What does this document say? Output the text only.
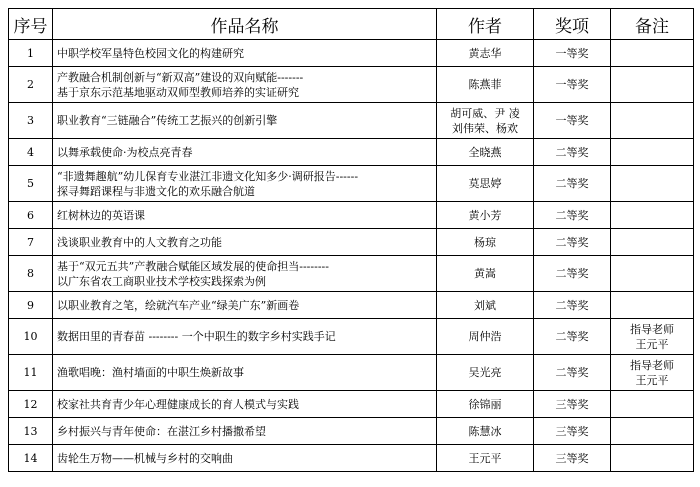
序号	作品名称	作者	奖项	备注
1	中职学校军垦特色校园文化的构建研究	黄志华	一等奖	
2	产教融合机制创新与“新双高”建设的双向赋能-------
基于京东示范基地驱动双师型教师培养的实证研究	陈燕菲	一等奖	
3	职业教育“三链融合”传统工艺振兴的创新引擎	胡可威、尹 凌
刘伟荣、杨欢	一等奖	
4	以舞承载使命·为校点亮青春	全晓燕	二等奖	
5	“非遗舞趣航”幼儿保育专业湛江非遗文化知多少·调研报告------
探寻舞蹈课程与非遗文化的欢乐融合航道	莫思婷	二等奖	
6	红树林边的英语课	黄小芳	二等奖	
7	浅谈职业教育中的人文教育之功能	杨琼	二等奖	
8	基于“双元五共”产教融合赋能区域发展的使命担当--------
以广东省农工商职业技术学校实践探索为例	黄嵩	二等奖	
9	以职业教育之笔，绘就汽车产业“绿美广东”新画卷	刘斌	二等奖	
10	数据田里的青春苗 -------- 一个中职生的数字乡村实践手记	周仲浩	二等奖	指导老师
王元平

11	渔歌唱晚：渔村墙面的中职生焕新故事	吴光亮	二等奖	指导老师
王元平

12	校家社共育青少年心理健康成长的育人模式与实践	徐锦丽	三等奖	
13	乡村振兴与青年使命：在湛江乡村播撒希望	陈慧冰	三等奖	
14	齿轮生万物——机械与乡村的交响曲	王元平	三等奖	
